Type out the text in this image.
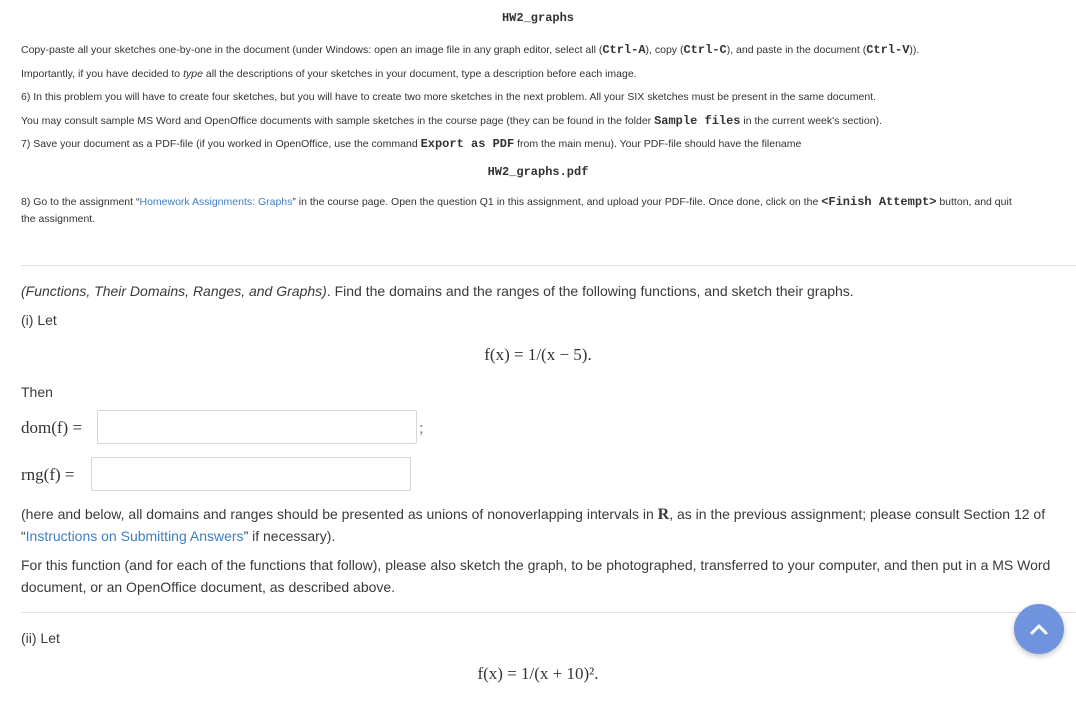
HW2_graphs
Copy-paste all your sketches one-by-one in the document (under Windows: open an image file in any graph editor, select all (Ctrl-A), copy (Ctrl-C), and paste in the document (Ctrl-V)).
Importantly, if you have decided to type all the descriptions of your sketches in your document, type a description before each image.
6) In this problem you will have to create four sketches, but you will have to create two more sketches in the next problem. All your SIX sketches must be present in the same document.
You may consult sample MS Word and OpenOffice documents with sample sketches in the course page (they can be found in the folder Sample files in the current week's section).
7) Save your document as a PDF-file (if you worked in OpenOffice, use the command Export as PDF from the main menu). Your PDF-file should have the filename
HW2_graphs.pdf
8) Go to the assignment “Homework Assignments: Graphs” in the course page. Open the question Q1 in this assignment, and upload your PDF-file. Once done, click on the <Finish Attempt> button, and quit
the assignment.
(Functions, Their Domains, Ranges, and Graphs). Find the domains and the ranges of the following functions, and sketch their graphs.
(i) Let
f(x) = 1/(x − 5).
Then
dom(f) =	;
rng(f) =
(here and below, all domains and ranges should be presented as unions of nonoverlapping intervals in R, as in the previous assignment; please consult Section 12 of
“Instructions on Submitting Answers” if necessary).
For this function (and for each of the functions that follow), please also sketch the graph, to be photographed, transferred to your computer, and then put in a MS Word
document, or an OpenOffice document, as described above.
(ii) Let
f(x) = 1/(x + 10)².
